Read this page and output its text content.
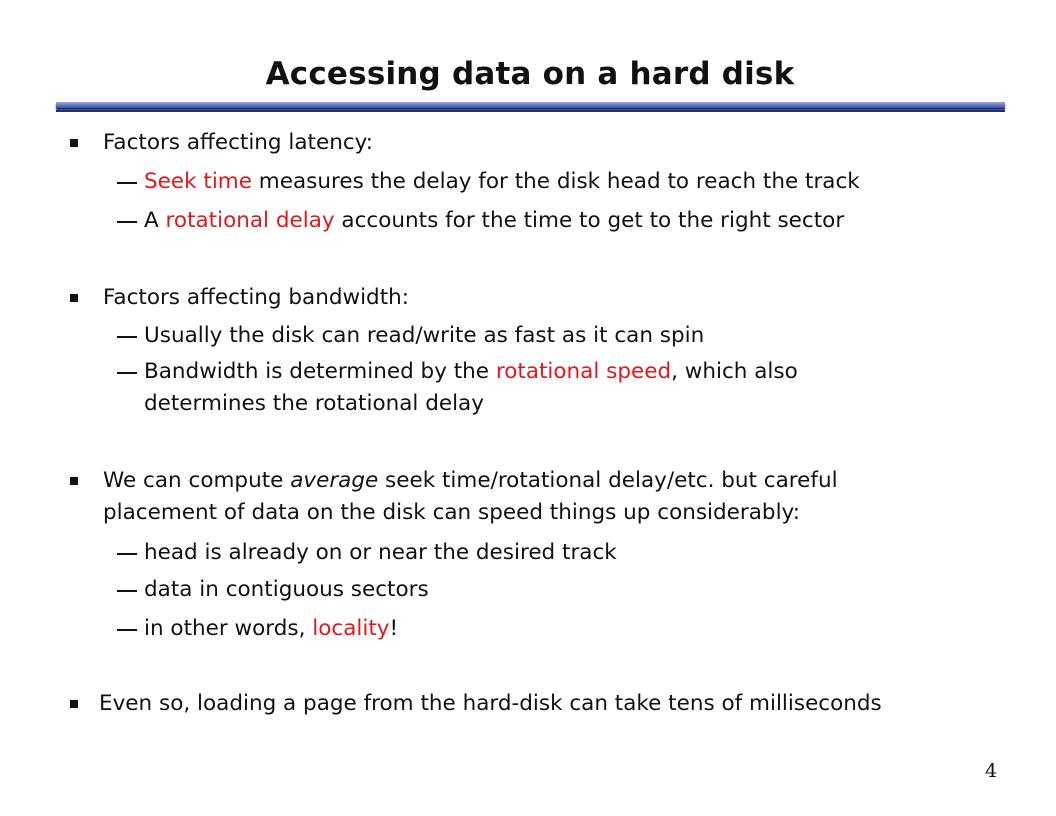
Accessing data on a hard disk
Factors affecting latency:
Seek time measures the delay for the disk head to reach the track
A rotational delay accounts for the time to get to the right sector
Factors affecting bandwidth:
Usually the disk can read/write as fast as it can spin
Bandwidth is determined by the rotational speed, which also
determines the rotational delay
We can compute average seek time/rotational delay/etc. but careful
placement of data on the disk can speed things up considerably:
head is already on or near the desired track
data in contiguous sectors
in other words, locality!
Even so, loading a page from the hard-disk can take tens of milliseconds
4
